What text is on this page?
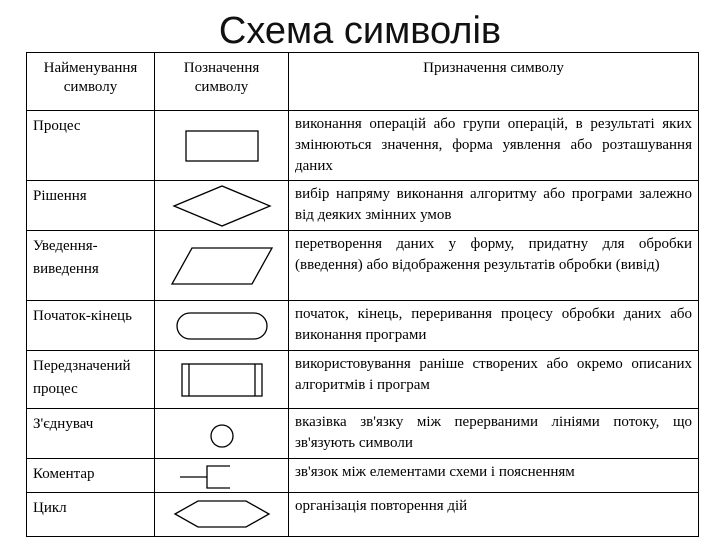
Схема символів
Найменування символу	Позначення символу	Призначення символу
Процес		виконання операцій або групи операцій, в результаті яких змінюються значення, форма уявлення або розташування даних
Рішення		вибір напряму виконання алгоритму або програми залежно від деяких змінних умов
Уведення-виведення		перетворення даних у форму, придатну для обробки (введення) або відображення результатів обробки (вивід)
Початок-кінець		початок, кінець, переривання процесу обробки даних або виконання програми
Передзначений процес		використовування раніше створених або окремо описаних алгоритмів і програм
З'єднувач		вказівка зв'язку між перерваними лініями потоку, що зв'язують символи
Коментар		зв'язок між елементами схеми і поясненням
Цикл		організація повторення дій
